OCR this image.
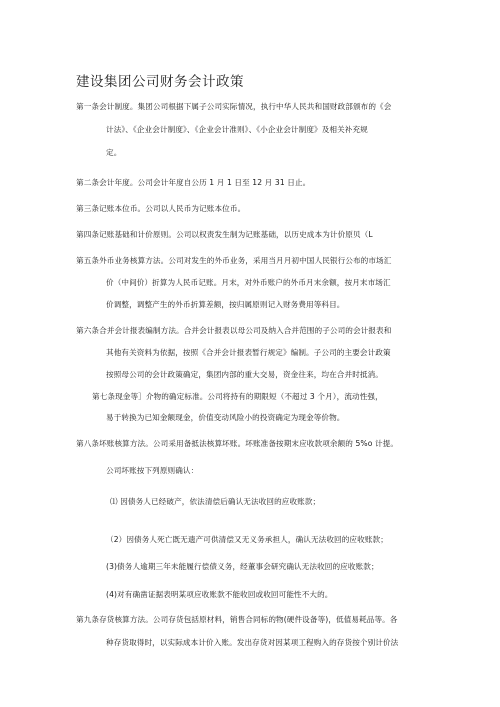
建设集团公司财务会计政策
第一条会计制度。集团公司根据下属子公司实际情况，执行中华人民共和国财政部颁布的《会
计法》、《企业会计制度》、《企业会计准则》、《小企业会计制度》及相关补充规
定。
第二条会计年度。公司会计年度自公历 1 月 1 日至 12 月 31 日止。
第三条记账本位币。公司以人民币为记账本位币。
第四条记账基础和计价原则。公司以权责发生制为记账基础，以历史成本为计价原贝（L
第五条外币业务核算方法。公司对发生的外币业务，采用当月月初中国人民银行公布的市场汇
价（中间价）折算为人民币记账。月末，对外币账户的外币月末余额，按月末市场汇
价调整，调整产生的外币折算差额，按归属原则记入财务费用等科目。
第六条合并会计报表编制方法。合并会计报表以母公司及纳入合并范围的子公司的会计报表和
其他有关资料为依据，按照《合并会计报表暂行规定》编制。子公司的主要会计政策
按照母公司的会计政策确定，集团内部的重大交易，资金往来，均在合并时抵消。
第七条现金等］介物的确定标准。公司将持有的期限短（不超过 3 个月），流动性强，
易于转换为已知金额现金，价值变动风险小的投资确定为现金等价物。
第八条坏账核算方法。公司采用备抵法核算坏账。坏账准备按期末应收款项余额的 5%o 计提。
公司坏账按下列原则确认：
⑴ 因债务人已经破产，依法清偿后确认无法收回的应收账款；
（2）因债务人死亡既无遗产可供清偿又无义务承担人，确认无法收回的应收账款；
(3)债务人逾期三年未能履行偿债义务，经董事会研究确认无法收回的应收账款；
(4)对有确凿证据表明某项应收账款不能收回或收回可能性不大的。
第九条存货核算方法。公司存货包括原材料，销售合同标的物(硬件设备等)，低值易耗品等。各
种存货取得时，以实际成本计价入账。发出存货对因某项工程购入的存货按个别计价法
